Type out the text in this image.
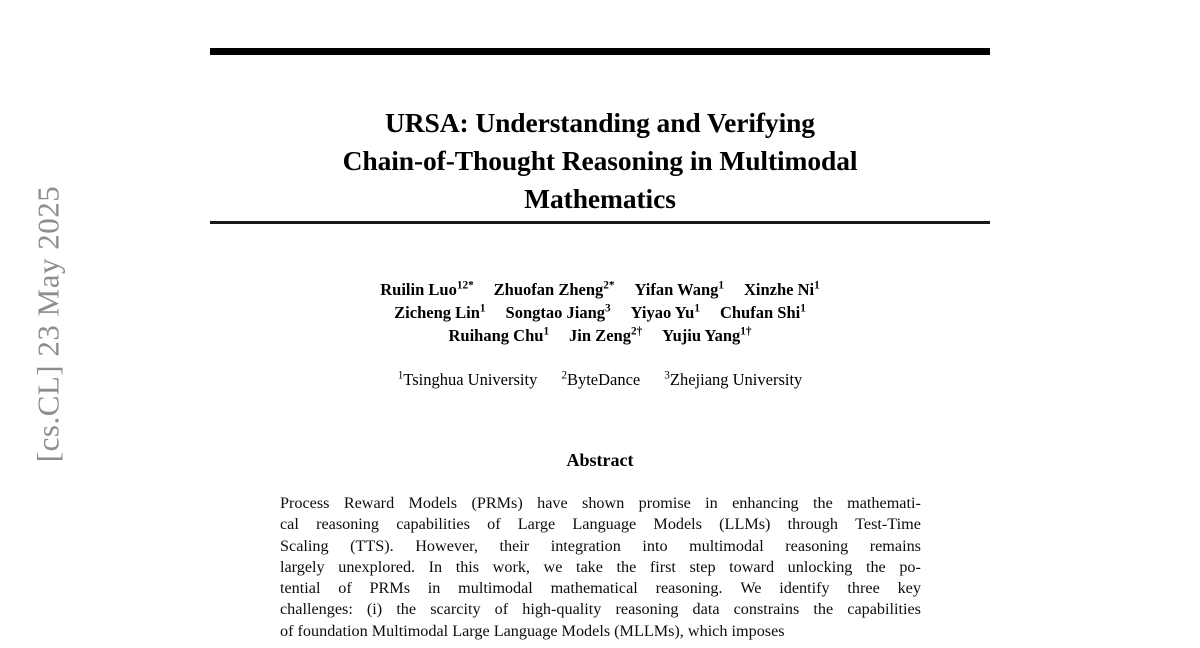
[cs.CL] 23 May 2025
URSA: Understanding and Verifying
Chain-of-Thought Reasoning in Multimodal
Mathematics
Ruilin Luo$^{12*}$ Zhuofan Zheng$^{2*}$ Yifan Wang$^1$ Xinzhe Ni$^1$
Zicheng Lin$^1$ Songtao Jiang$^3$ Yiyao Yu$^1$ Chufan Shi$^1$
Ruihang Chu$^1$ Jin Zeng$^{2\dagger}$ Yujiu Yang$^{1\dagger}$
$^1$Tsinghua University $^2$ByteDance $^3$Zhejiang University
Abstract
Process Reward Models (PRMs) have shown promise in enhancing the mathemati-
cal reasoning capabilities of Large Language Models (LLMs) through Test-Time
Scaling (TTS). However, their integration into multimodal reasoning remains
largely unexplored. In this work, we take the first step toward unlocking the po-
tential of PRMs in multimodal mathematical reasoning. We identify three key
challenges: (i) the scarcity of high-quality reasoning data constrains the capabilities
of foundation Multimodal Large Language Models (MLLMs), which imposes
